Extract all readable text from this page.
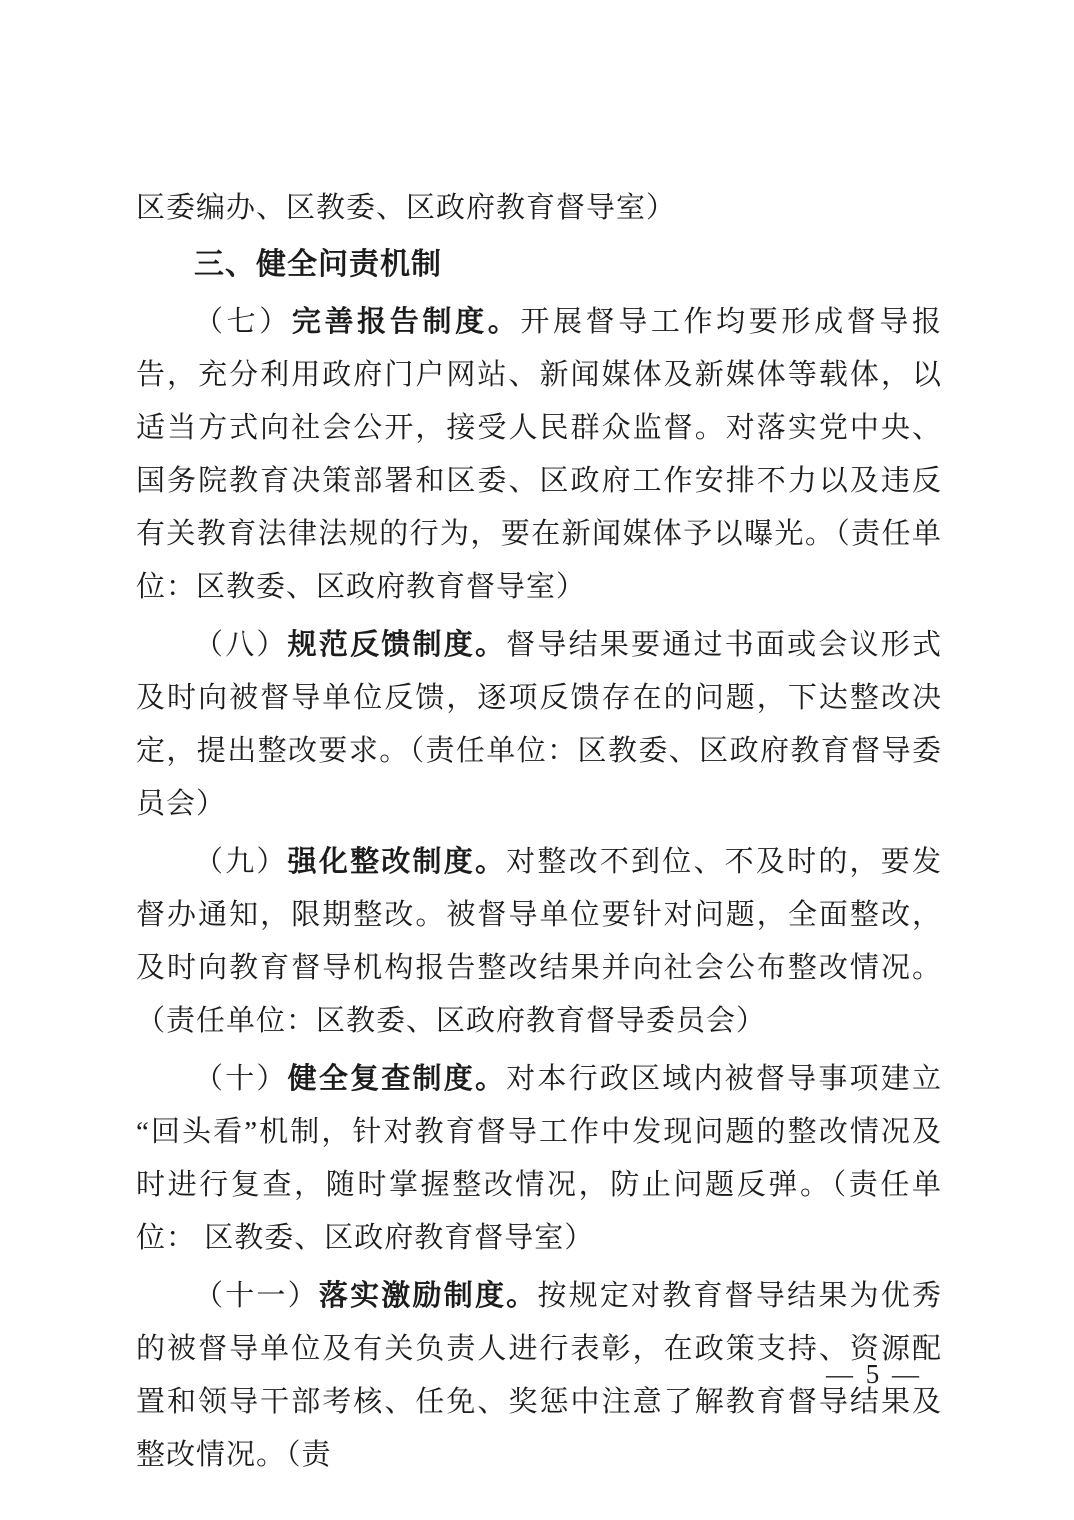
区委编办、区教委、区政府教育督导室）

三、健全问责机制

（七）完善报告制度。开展督导工作均要形成督导报告，充分利用政府门户网站、新闻媒体及新媒体等载体，以适当方式向社会公开，接受人民群众监督。对落实党中央、国务院教育决策部署和区委、区政府工作安排不力以及违反有关教育法律法规的行为，要在新闻媒体予以曝光。（责任单位：区教委、区政府教育督导室）

（八）规范反馈制度。督导结果要通过书面或会议形式及时向被督导单位反馈，逐项反馈存在的问题，下达整改决定，提出整改要求。（责任单位：区教委、区政府教育督导委员会）

（九）强化整改制度。对整改不到位、不及时的，要发督办通知，限期整改。被督导单位要针对问题，全面整改，及时向教育督导机构报告整改结果并向社会公布整改情况。（责任单位：区教委、区政府教育督导委员会）

（十）健全复查制度。对本行政区域内被督导事项建立“回头看”机制，针对教育督导工作中发现问题的整改情况及时进行复查，随时掌握整改情况，防止问题反弹。（责任单位： 区教委、区政府教育督导室）

（十一）落实激励制度。按规定对教育督导结果为优秀的被督导单位及有关负责人进行表彰，在政策支持、资源配置和领导干部考核、任免、奖惩中注意了解教育督导结果及整改情况。（责

— 5 —
